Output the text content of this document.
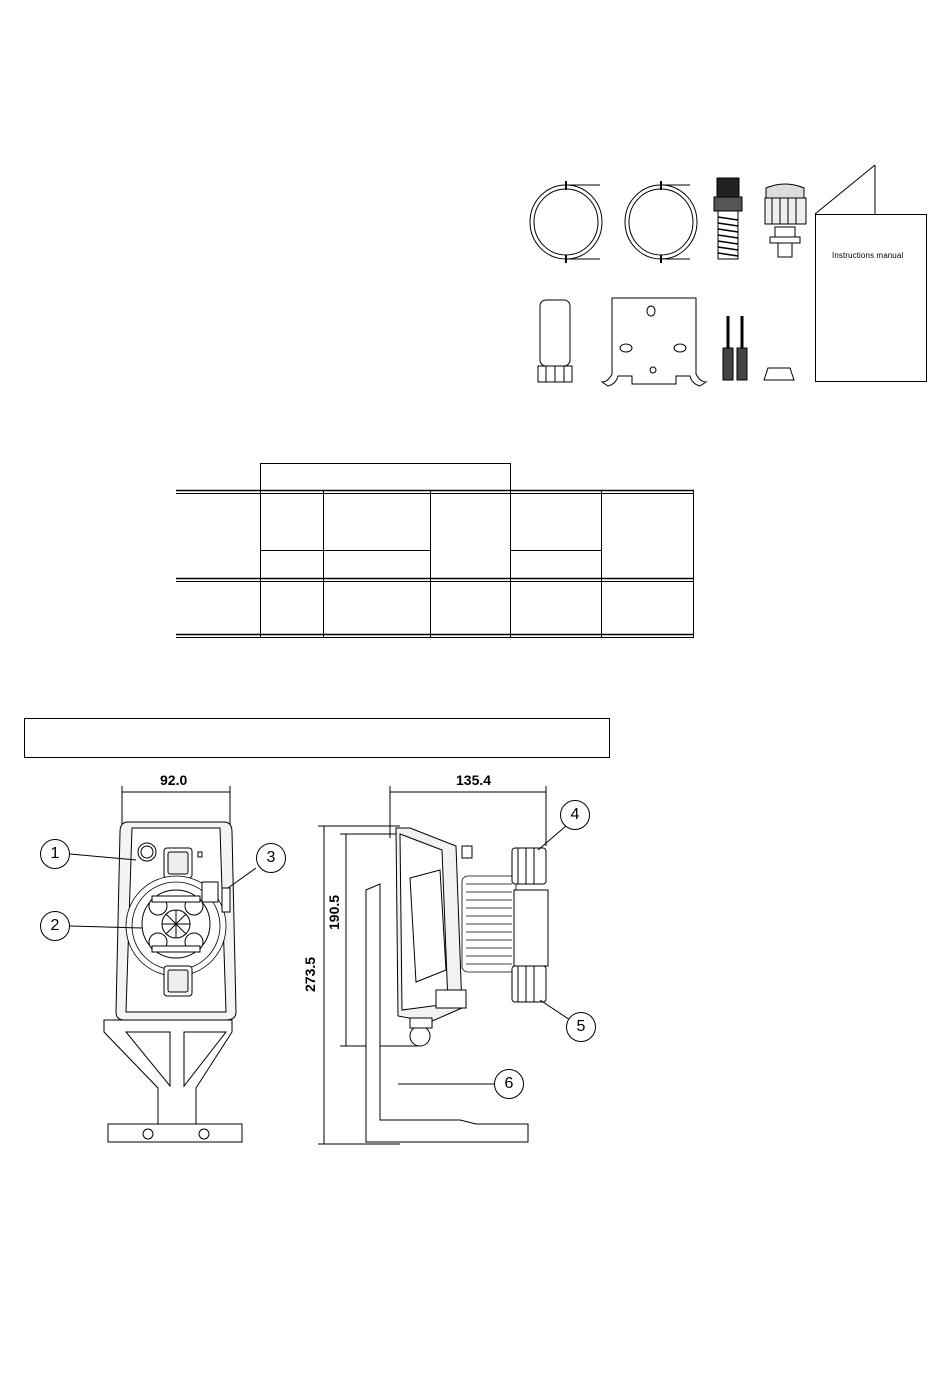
Instructions manual
92.0	135.4
190.5
273.5
1
2
3
4
5
6
